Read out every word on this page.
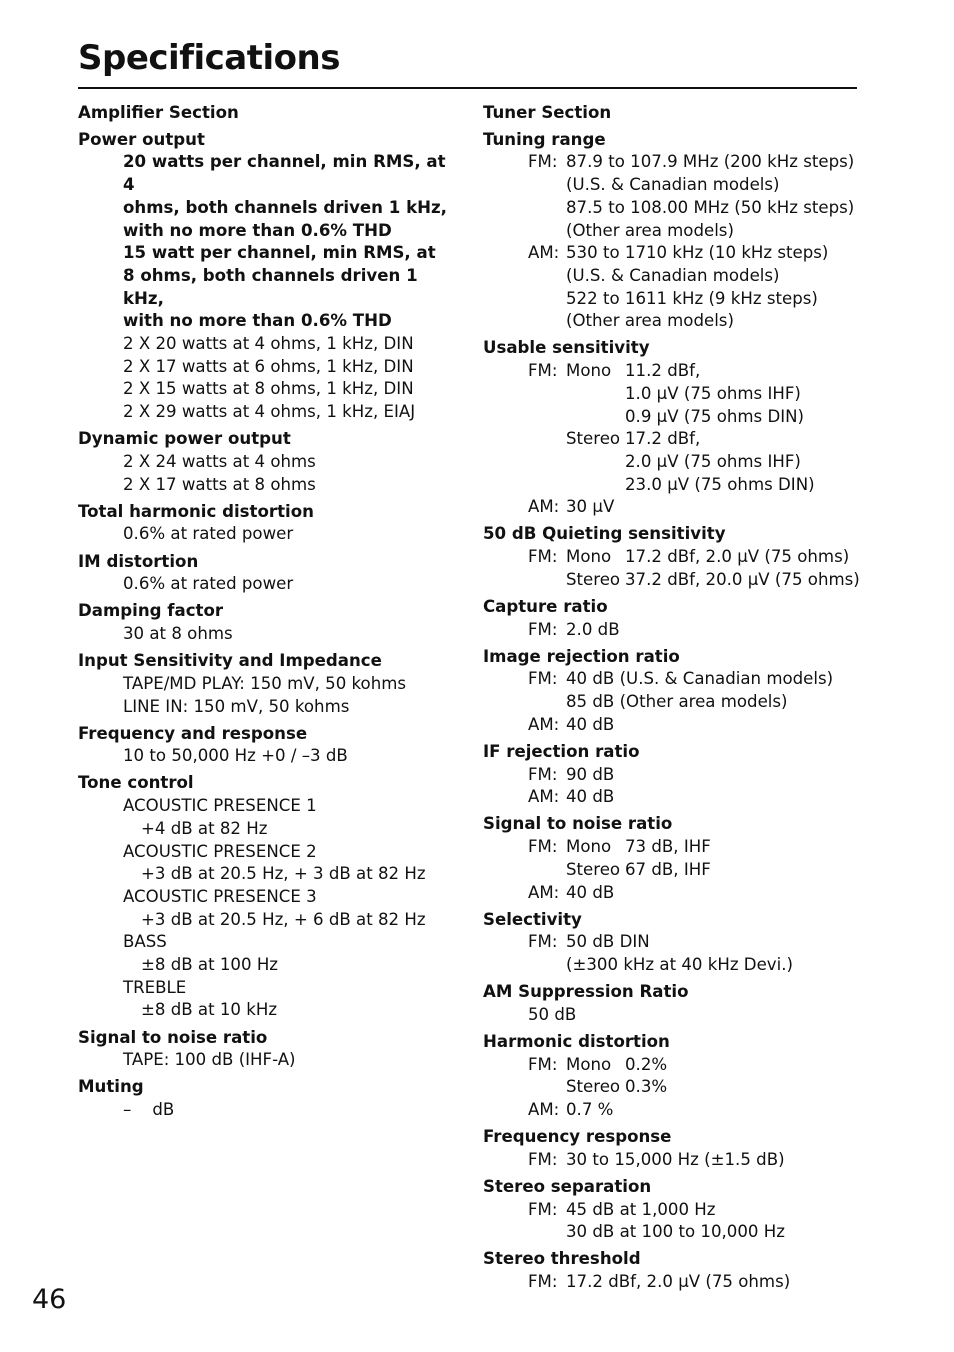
Specifications
Amplifier Section
Power output
20 watts per channel, min RMS, at 4
ohms, both channels driven 1 kHz,
with no more than 0.6% THD
15 watt per channel, min RMS, at
8 ohms, both channels driven 1 kHz,
with no more than 0.6% THD
2 X 20 watts at 4 ohms, 1 kHz, DIN
2 X 17 watts at 6 ohms, 1 kHz, DIN
2 X 15 watts at 8 ohms, 1 kHz, DIN
2 X 29 watts at 4 ohms, 1 kHz, EIAJ
Dynamic power output
2 X 24 watts at 4 ohms
2 X 17 watts at 8 ohms
Total harmonic distortion
0.6% at rated power
IM distortion
0.6% at rated power
Damping factor
30 at 8 ohms
Input Sensitivity and Impedance
TAPE/MD PLAY: 150 mV, 50 kohms
LINE IN: 150 mV, 50 kohms
Frequency and response
10 to 50,000 Hz +0 / –3 dB
Tone control
ACOUSTIC PRESENCE 1
+4 dB at 82 Hz
ACOUSTIC PRESENCE 2
+3 dB at 20.5 Hz, + 3 dB at 82 Hz
ACOUSTIC PRESENCE 3
+3 dB at 20.5 Hz, + 6 dB at 82 Hz
BASS
±8 dB at 100 Hz
TREBLE
±8 dB at 10 kHz
Signal to noise ratio
TAPE: 100 dB (IHF-A)
Muting
–    dB
Tuner Section
Tuning range
FM: 87.9 to 107.9 MHz (200 kHz steps)
(U.S. & Canadian models)
87.5 to 108.00 MHz (50 kHz steps)
(Other area models)
AM: 530 to 1710 kHz (10 kHz steps)
(U.S. & Canadian models)
522 to 1611 kHz (9 kHz steps)
(Other area models)
Usable sensitivity
FM: Mono 11.2 dBf,
1.0 µV (75 ohms IHF)
0.9 µV (75 ohms DIN)
Stereo 17.2 dBf,
2.0 µV (75 ohms IHF)
23.0 µV (75 ohms DIN)
AM: 30 µV
50 dB Quieting sensitivity
FM: Mono 17.2 dBf, 2.0 µV (75 ohms)
Stereo 37.2 dBf, 20.0 µV (75 ohms)
Capture ratio
FM: 2.0 dB
Image rejection ratio
FM: 40 dB (U.S. & Canadian models)
85 dB (Other area models)
AM: 40 dB
IF rejection ratio
FM: 90 dB
AM: 40 dB
Signal to noise ratio
FM: Mono 73 dB, IHF
Stereo 67 dB, IHF
AM: 40 dB
Selectivity
FM: 50 dB DIN
(±300 kHz at 40 kHz Devi.)
AM Suppression Ratio
50 dB
Harmonic distortion
FM: Mono 0.2%
Stereo 0.3%
AM: 0.7 %
Frequency response
FM: 30 to 15,000 Hz (±1.5 dB)
Stereo separation
FM: 45 dB at 1,000 Hz
30 dB at 100 to 10,000 Hz
Stereo threshold
FM: 17.2 dBf, 2.0 µV (75 ohms)
46
